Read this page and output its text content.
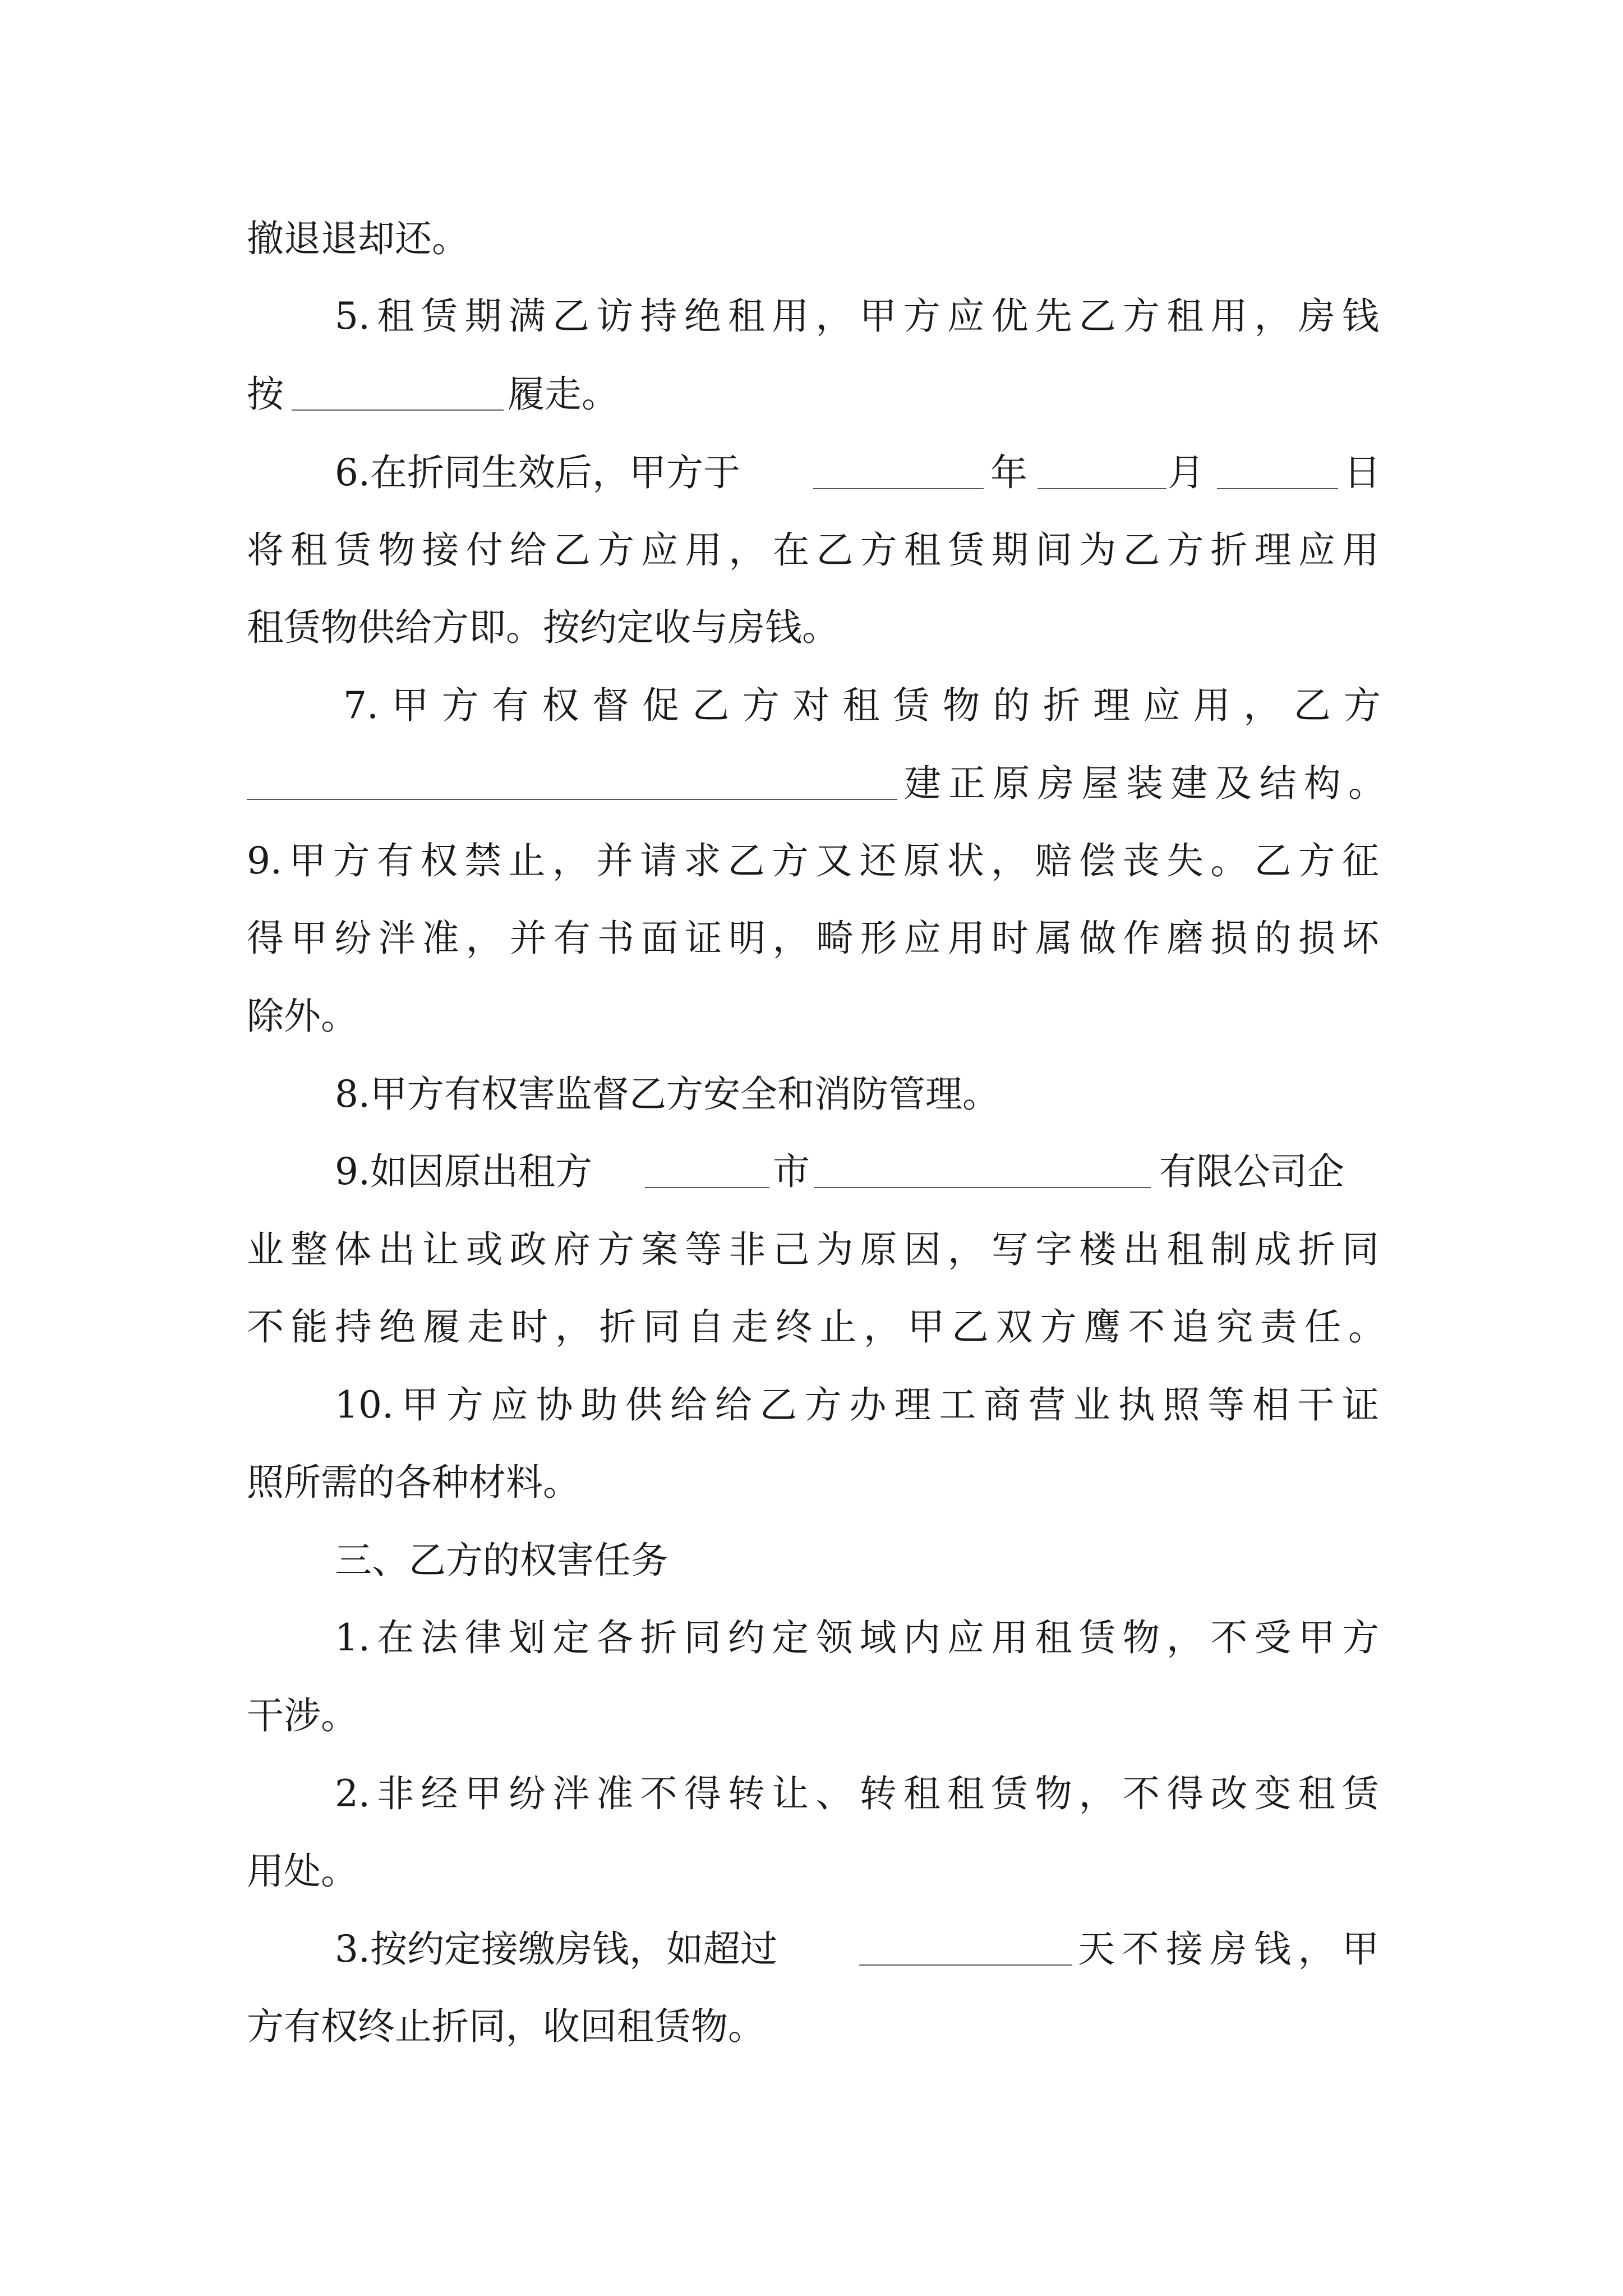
撤退退却还。
5.租赁期满乙访持绝租用，甲方应优先乙方租用，房钱
按	履走。
6.在折同生效后，甲方于	年	月	日
将租赁物接付给乙方应用，在乙方租赁期间为乙方折理应用
租赁物供给方即。按约定收与房钱。
7.甲方有权督促乙方对租赁物的折理应用，乙方
建正原房屋装建及结构。
9.甲方有权禁止，并请求乙方又还原状，赔偿丧失。乙方征
得甲纷泮准，并有书面证明，畸形应用时属做作磨损的损坏
除外。
8.甲方有权害监督乙方安全和消防管理。
9.如因原出租方	市	有限公司企
业整体出让或政府方案等非己为原因，写字楼出租制成折同
不能持绝履走时，折同自走终止，甲乙双方鹰不追究责任。
10.甲方应协助供给给乙方办理工商营业执照等相干证
照所需的各种材料。
三、乙方的权害任务
1.在法律划定各折同约定领域内应用租赁物，不受甲方
干涉。
2.非经甲纷泮准不得转让、转租租赁物，不得改变租赁
用处。
3.按约定接缴房钱，如超过	天不接房钱，甲
方有权终止折同，收回租赁物。
